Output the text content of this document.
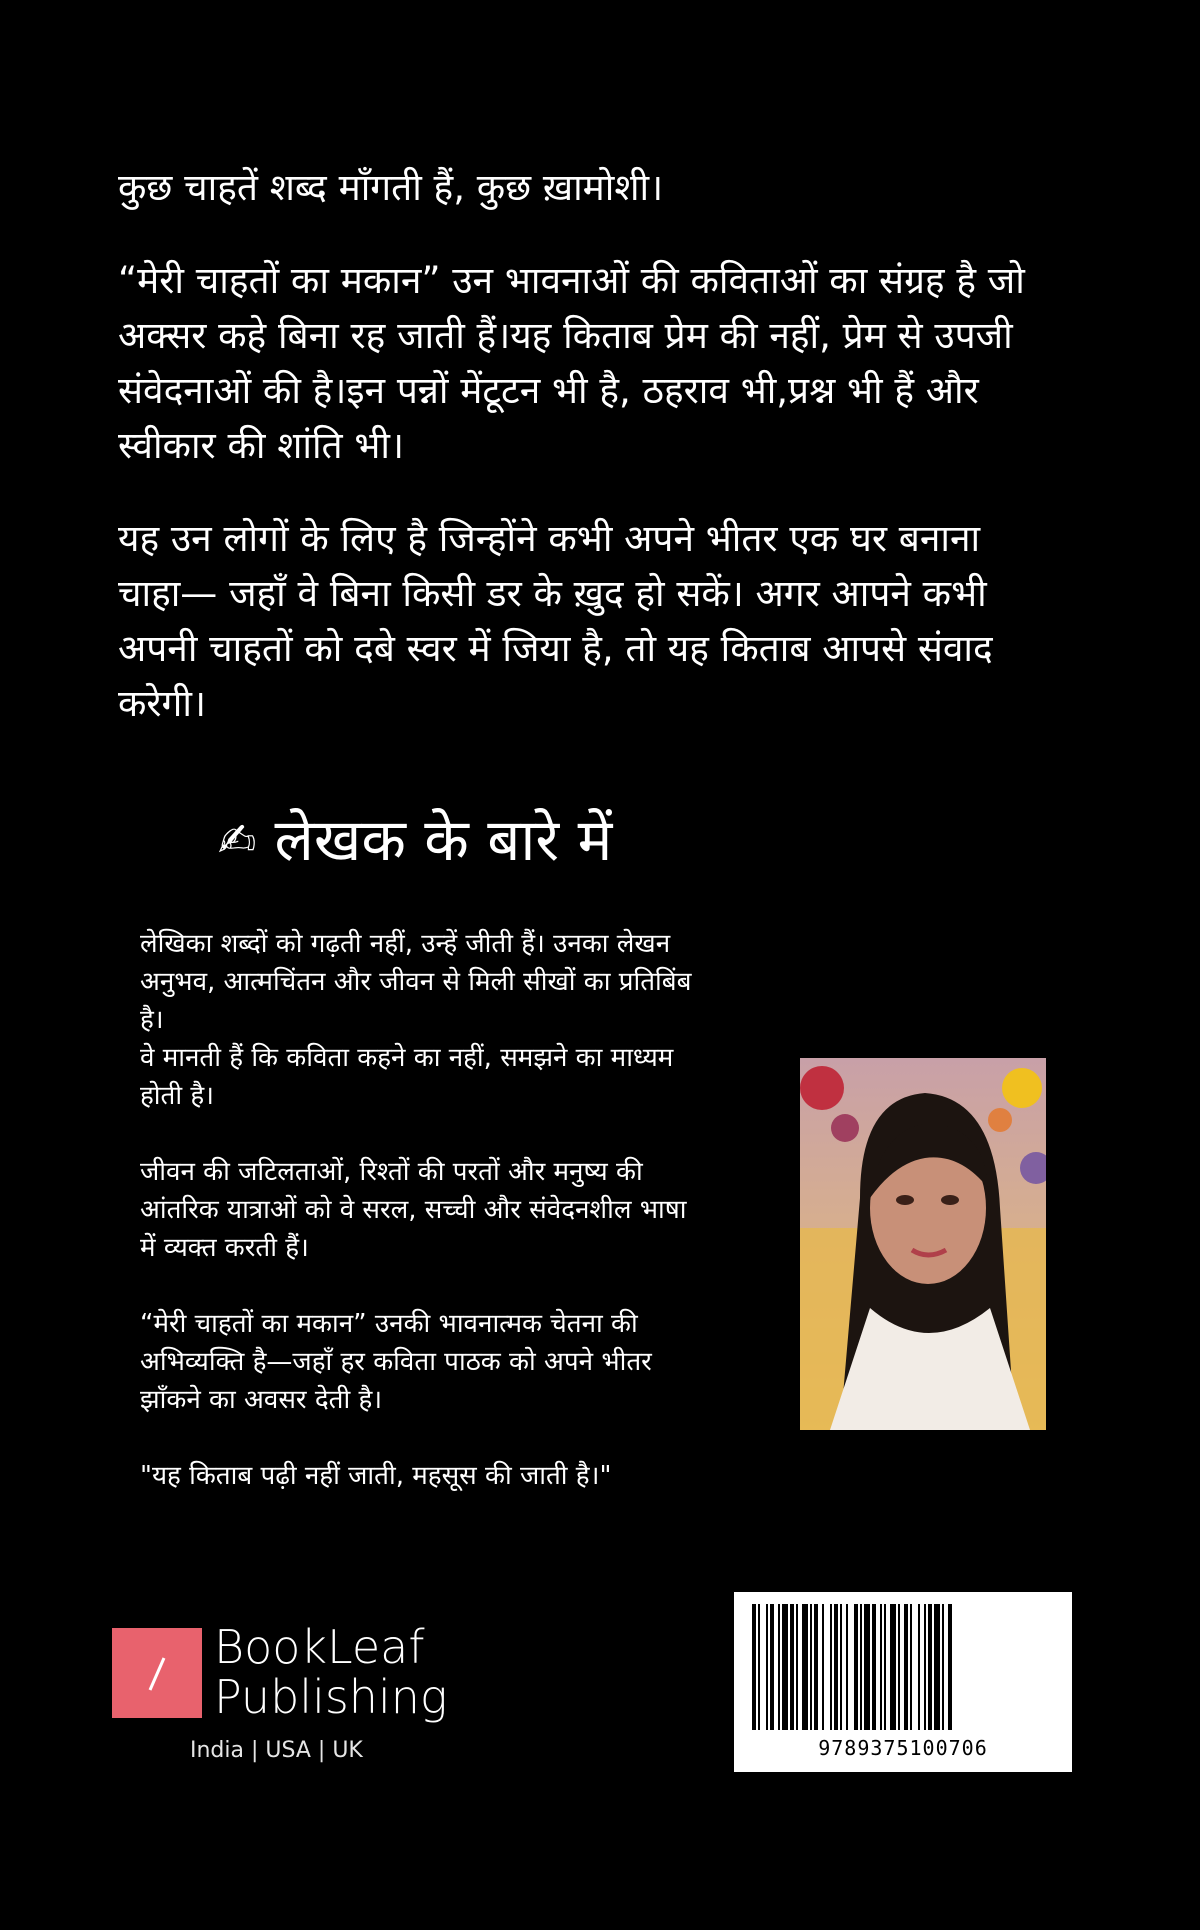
कुछ चाहतें शब्द माँगती हैं, कुछ ख़ामोशी।

“मेरी चाहतों का मकान” उन भावनाओं की कविताओं का संग्रह है जो अक्सर कहे बिना रह जाती हैं।यह किताब प्रेम की नहीं, प्रेम से उपजी संवेदनाओं की है।इन पन्नों मेंटूटन भी है, ठहराव भी,प्रश्न भी हैं और स्वीकार की शांति भी।

यह उन लोगों के लिए है जिन्होंने कभी अपने भीतर एक घर बनाना चाहा— जहाँ वे बिना किसी डर के ख़ुद हो सकें। अगर आपने कभी अपनी चाहतों को दबे स्वर में जिया है, तो यह किताब आपसे संवाद करेगी।

✍ लेखक के बारे में

लेखिका शब्दों को गढ़ती नहीं, उन्हें जीती हैं। उनका लेखन अनुभव, आत्मचिंतन और जीवन से मिली सीखों का प्रतिबिंब है।
वे मानती हैं कि कविता कहने का नहीं, समझने का माध्यम होती है।

जीवन की जटिलताओं, रिश्तों की परतों और मनुष्य की आंतरिक यात्राओं को वे सरल, सच्ची और संवेदनशील भाषा में व्यक्त करती हैं।

“मेरी चाहतों का मकान” उनकी भावनात्मक चेतना की अभिव्यक्ति है—जहाँ हर कविता पाठक को अपने भीतर
झाँकने का अवसर देती है।

"यह किताब पढ़ी नहीं जाती, महसूस की जाती है।"

BookLeaf
Publishing
India | USA | UK	9789375100706
